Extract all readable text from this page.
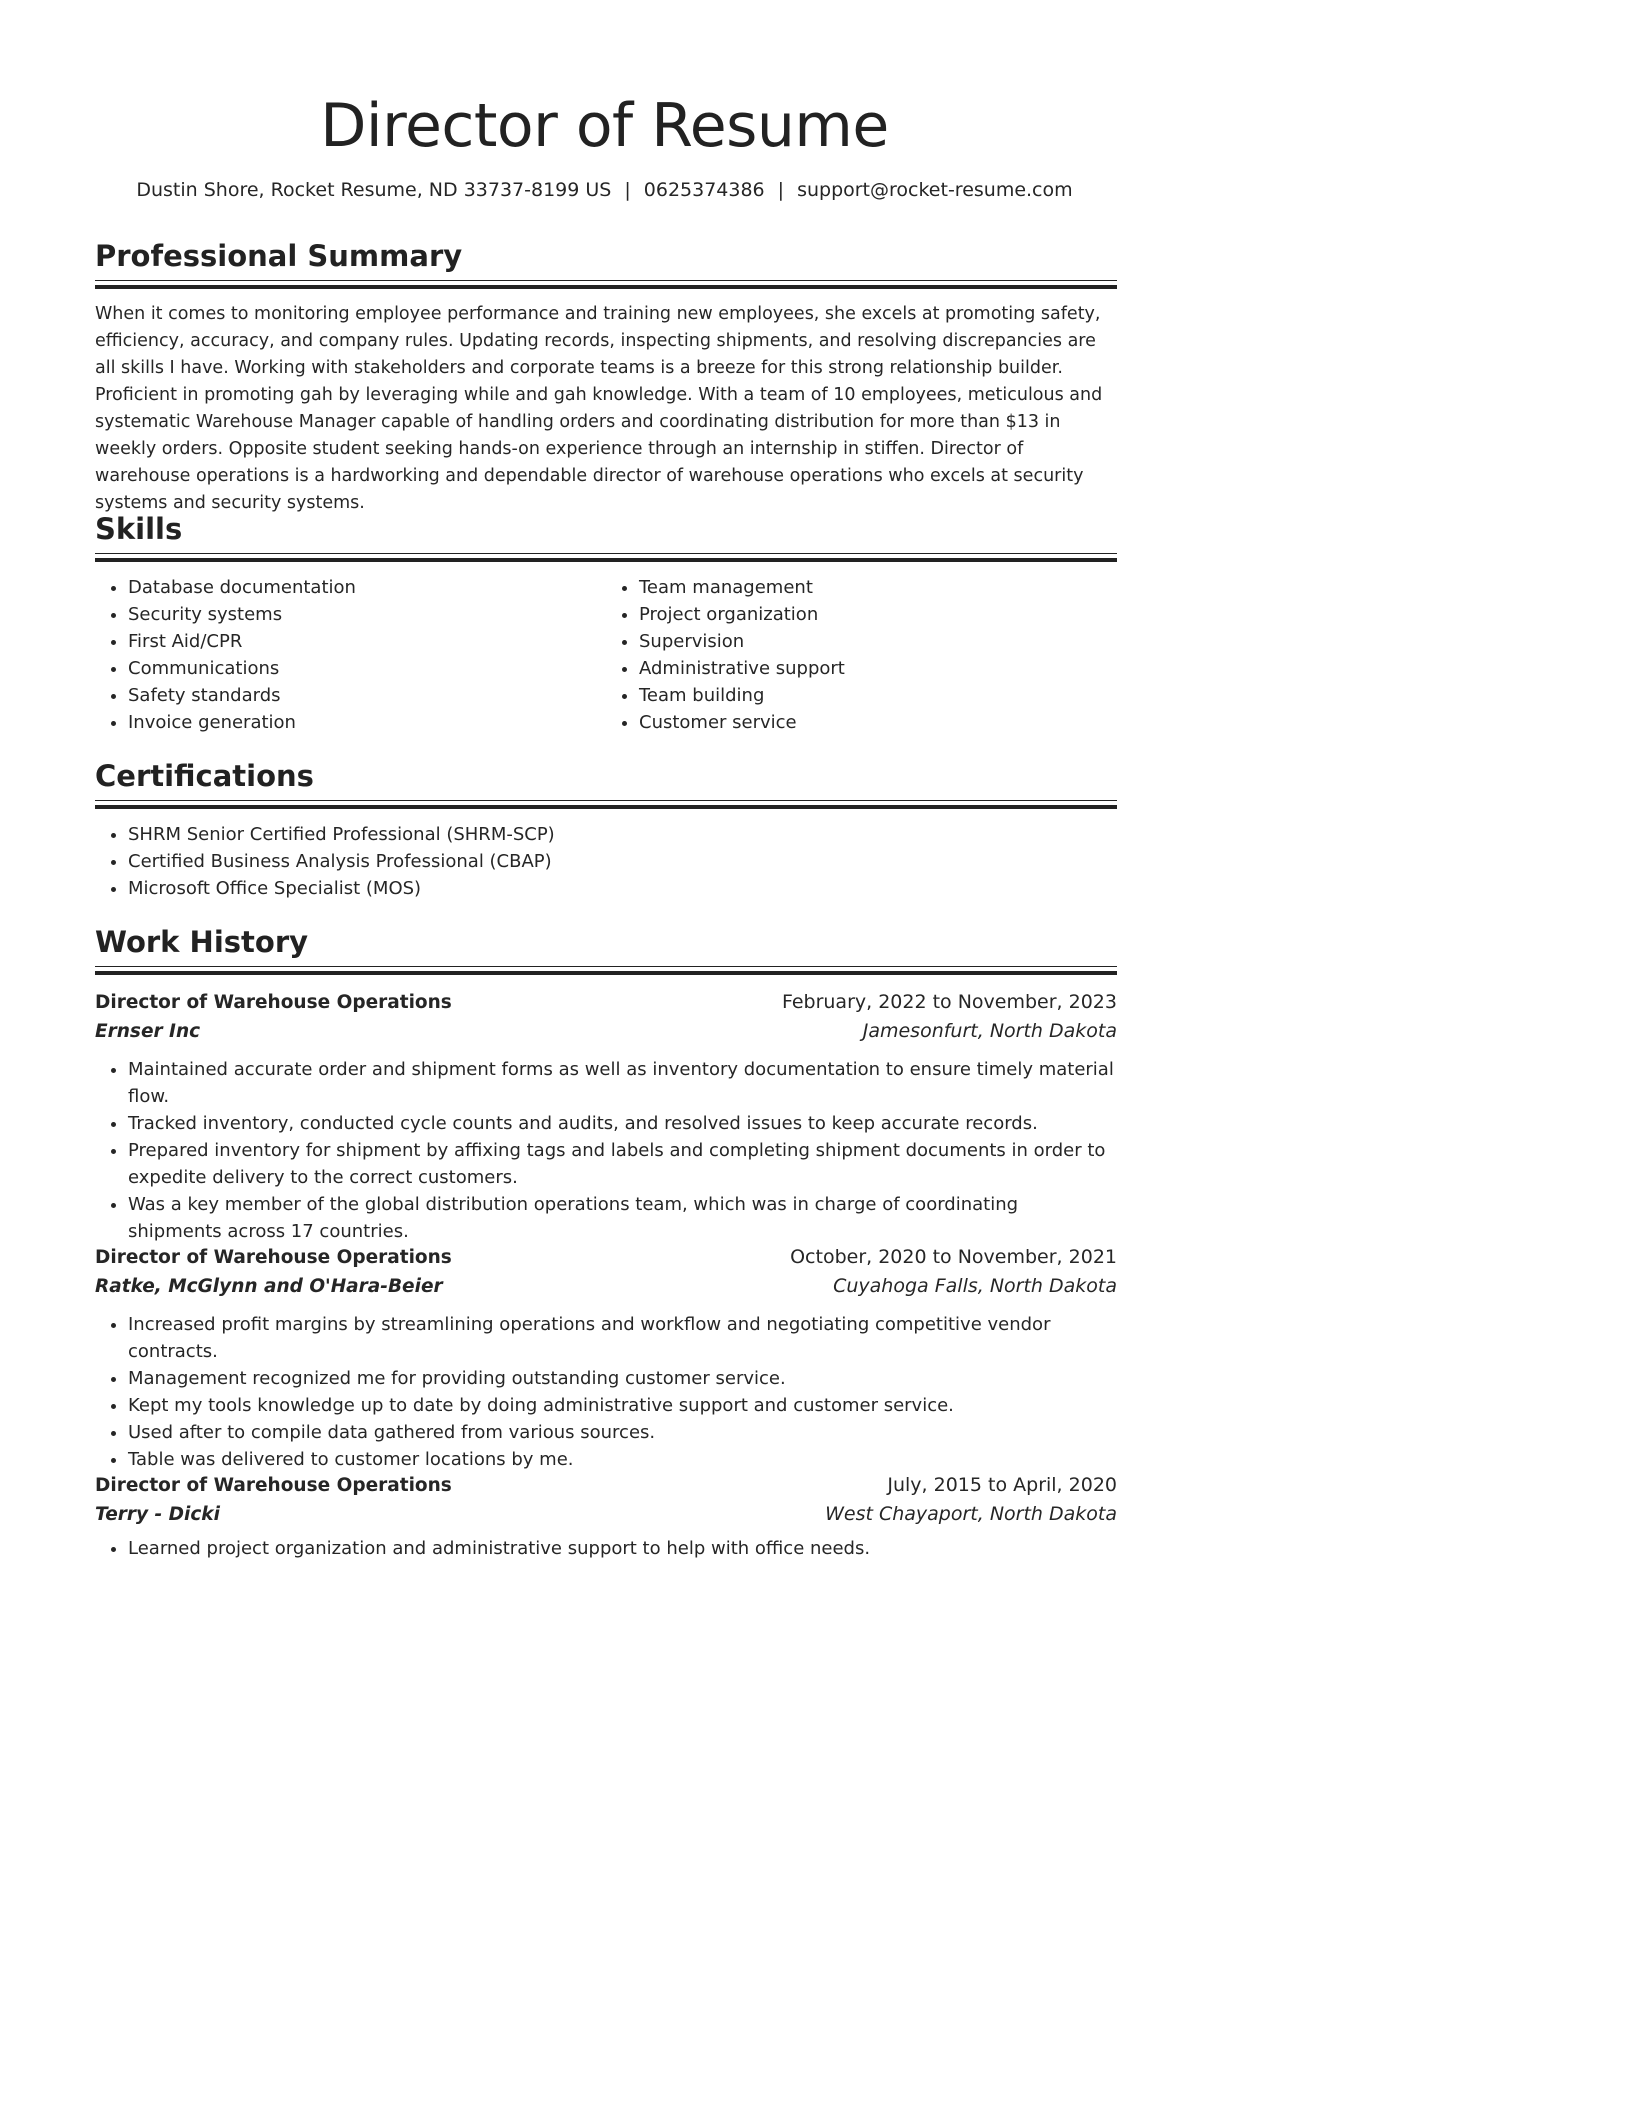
Director of Resume
Dustin Shore, Rocket Resume, ND 33737-8199 US | 0625374386 | support@rocket-resume.com
Professional Summary

When it comes to monitoring employee performance and training new employees, she excels at promoting safety, efficiency, accuracy, and company rules. Updating records, inspecting shipments, and resolving discrepancies are all skills I have. Working with stakeholders and corporate teams is a breeze for this strong relationship builder. Proficient in promoting gah by leveraging while and gah knowledge. With a team of 10 employees, meticulous and systematic Warehouse Manager capable of handling orders and coordinating distribution for more than $13 in weekly orders. Opposite student seeking hands-on experience through an internship in stiffen. Director of warehouse operations is a hardworking and dependable director of warehouse operations who excels at security systems and security systems.

Skills
• Database documentation
• Security systems
• First Aid/CPR
• Communications
• Safety standards
• Invoice generation
• Team management
• Project organization
• Supervision
• Administrative support
• Team building
• Customer service
Certifications
• SHRM Senior Certified Professional (SHRM-SCP)
• Certified Business Analysis Professional (CBAP)
• Microsoft Office Specialist (MOS)
Work History
Director of Warehouse Operations	February, 2022 to November, 2023
Ernser Inc	Jamesonfurt, North Dakota
• Maintained accurate order and shipment forms as well as inventory documentation to ensure timely material flow.
• Tracked inventory, conducted cycle counts and audits, and resolved issues to keep accurate records.
• Prepared inventory for shipment by affixing tags and labels and completing shipment documents in order to expedite delivery to the correct customers.
• Was a key member of the global distribution operations team, which was in charge of coordinating shipments across 17 countries.
Director of Warehouse Operations	October, 2020 to November, 2021
Ratke, McGlynn and O'Hara-Beier	Cuyahoga Falls, North Dakota
• Increased profit margins by streamlining operations and workflow and negotiating competitive vendor contracts.
• Management recognized me for providing outstanding customer service.
• Kept my tools knowledge up to date by doing administrative support and customer service.
• Used after to compile data gathered from various sources.
• Table was delivered to customer locations by me.
Director of Warehouse Operations	July, 2015 to April, 2020
Terry - Dicki	West Chayaport, North Dakota
• Learned project organization and administrative support to help with office needs.
